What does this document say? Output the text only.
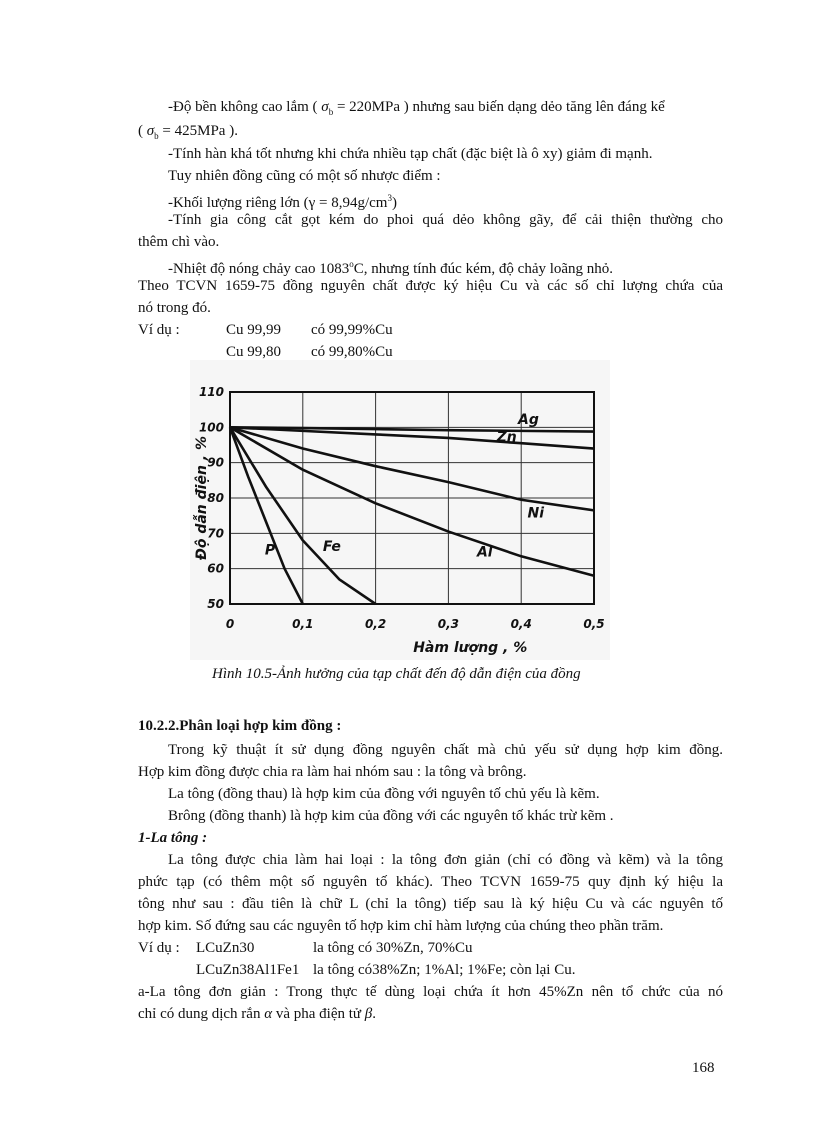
-Độ bền không cao lắm ( $\sigma_b = 220MPa$ ) nhưng sau biến dạng dẻo tăng lên đáng kể
( $\sigma_b = 425MPa$ ).
-Tính hàn khá tốt nhưng khi chứa nhiều tạp chất (đặc biệt là ô xy) giảm đi mạnh.
Tuy nhiên đồng cũng có một số nhược điểm :
-Khối lượng riêng lớn $(\gamma = 8,94g/cm^3)$
-Tính gia công cắt gọt kém do phoi quá dẻo không gãy, để cải thiện thường cho
thêm chì vào.
-Nhiệt độ nóng chảy cao 1083$^o$C, nhưng tính đúc kém, độ chảy loãng nhỏ.
Theo TCVN 1659-75 đồng nguyên chất được ký hiệu Cu và các số chỉ lượng chứa của
nó trong đó.
Ví dụ :	Cu 99,99 có 99,99%Cu
Cu 99,80 có 99,80%Cu
50
60
70
80
90
100
110
0	0,1	0,2	0,3	0,4	0,5
Hàm lượng , %
Độ dẫn điện , %
Ag
Zn
Ni
Al
Fe
P
Hình 10.5-Ảnh hưởng của tạp chất đến độ dẫn điện của đồng
10.2.2.Phân loại hợp kim đồng :
Trong kỹ thuật ít sử dụng đồng nguyên chất mà chủ yếu sử dụng hợp kim đồng.
Hợp kim đồng được chia ra làm hai nhóm sau : la tông và brông.
La tông (đồng thau) là hợp kim của đồng với nguyên tố chủ yếu là kẽm.
Brông (đồng thanh) là hợp kim của đồng với các nguyên tố khác trừ kẽm .
1-La tông :
La tông được chia làm hai loại : la tông đơn giản (chỉ có đồng và kẽm) và la tông
phức tạp (có thêm một số nguyên tố khác). Theo TCVN 1659-75 quy định ký hiệu la
tông như sau : đầu tiên là chữ L (chỉ la tông) tiếp sau là ký hiệu Cu và các nguyên tố
hợp kim. Số đứng sau các nguyên tố hợp kim chỉ hàm lượng của chúng theo phần trăm.
Ví dụ : LCuZn30	la tông có 30%Zn, 70%Cu
LCuZn38Al1Fe1 la tông có38%Zn; 1%Al; 1%Fe; còn lại Cu.
a-La tông đơn giản : Trong thực tế dùng loại chứa ít hơn 45%Zn nên tổ chức của nó
chỉ có dung dịch rắn α và pha điện tử β.
168
